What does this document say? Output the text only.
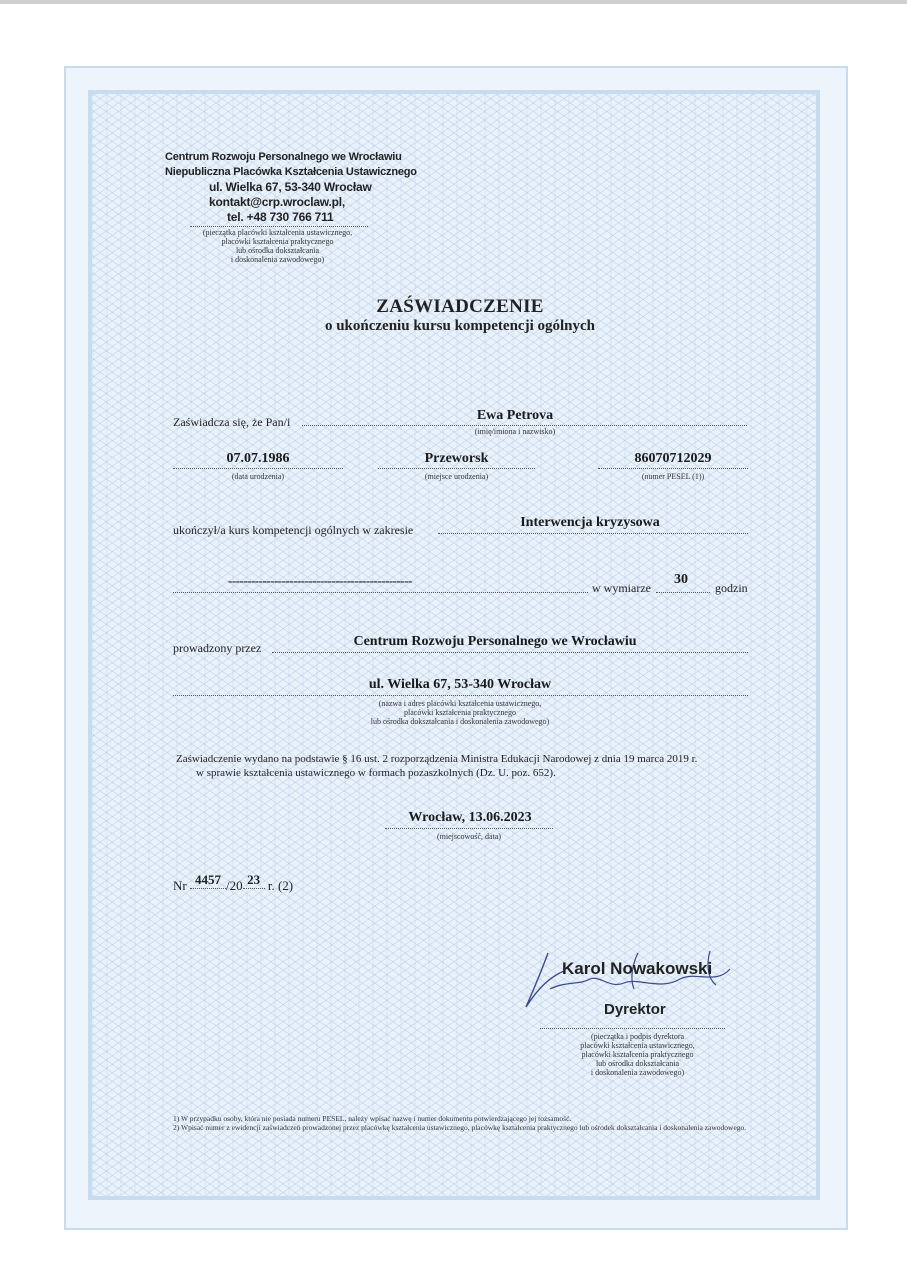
Centrum Rozwoju Personalnego we Wrocławiu
Niepubliczna Placówka Kształcenia Ustawicznego
ul. Wielka 67, 53-340 Wrocław
kontakt@crp.wroclaw.pl,
tel. +48 730 766 711
(pieczątka placówki kształcenia ustawicznego,
placówki kształcenia praktycznego
lub ośrodka dokształcania
i doskonalenia zawodowego)
ZAŚWIADCZENIE
o ukończeniu kursu kompetencji ogólnych
Zaświadcza się, że Pan/i	Ewa Petrova
(imię/imiona i nazwisko)
07.07.1986
(data urodzenia)
Przeworsk
(miejsce urodzenia)
86070712029
(numer PESEL (1))
ukończył/a kurs kompetencji ogólnych w zakresie	Interwencja kryzysowa
------------------------------------------------	w wymiarze
30
godzin
prowadzony przez	Centrum Rozwoju Personalnego we Wrocławiu
ul. Wielka 67, 53-340 Wrocław
(nazwa i adres placówki kształcenia ustawicznego,
placówki kształcenia praktycznego
lub ośrodka dokształcania i doskonalenia zawodowego)
Zaświadczenie wydano na podstawie § 16 ust. 2 rozporządzenia Ministra Edukacji Narodowej z dnia 19 marca 2019 r.
w sprawie kształcenia ustawicznego w formach pozaszkolnych (Dz. U. poz. 652).
Wrocław, 13.06.2023
(miejscowość, data)
Nr 4457 /20 23 r. (2)
Karol Nowakowski
Dyrektor
(pieczątka i podpis dyrektora
placówki kształcenia ustawicznego,
placówki kształcenia praktycznego
lub ośrodka dokształcania
i doskonalenia zawodowego)
1) W przypadku osoby, która nie posiada numeru PESEL, należy wpisać nazwę i numer dokumentu potwierdzającego jej tożsamość.
2) Wpisać numer z ewidencji zaświadczeń prowadzonej przez placówkę kształcenia ustawicznego, placówkę kształcenia praktycznego lub ośrodek dokształcania i doskonalenia zawodowego.
